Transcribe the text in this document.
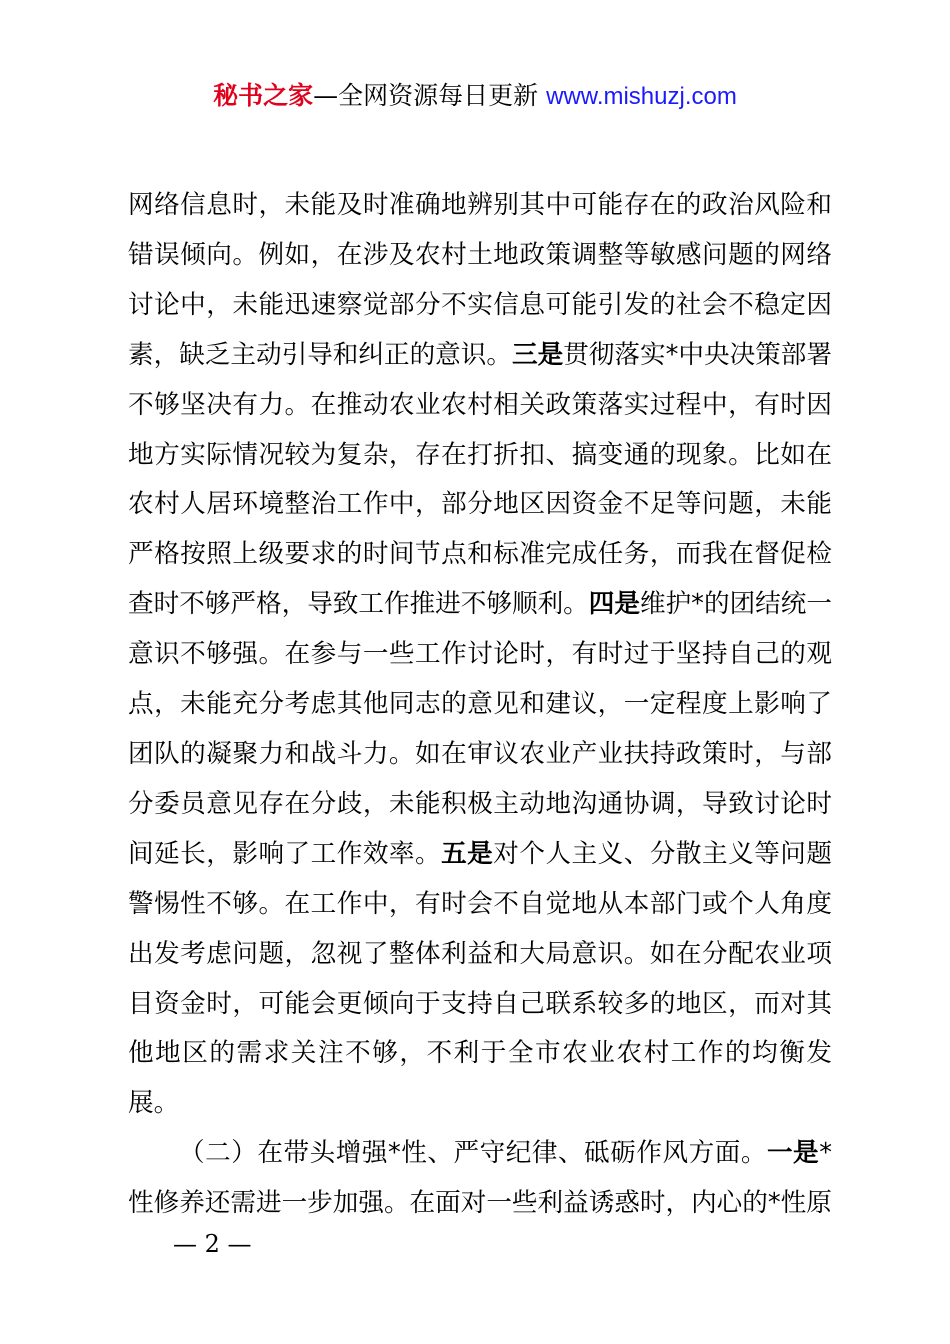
秘书之家—全网资源每日更新 www.mishuzj.com

网络信息时，未能及时准确地辨别其中可能存在的政治风险和错误倾向。例如，在涉及农村土地政策调整等敏感问题的网络讨论中，未能迅速察觉部分不实信息可能引发的社会不稳定因素，缺乏主动引导和纠正的意识。三是贯彻落实*中央决策部署不够坚决有力。在推动农业农村相关政策落实过程中，有时因地方实际情况较为复杂，存在打折扣、搞变通的现象。比如在农村人居环境整治工作中，部分地区因资金不足等问题，未能严格按照上级要求的时间节点和标准完成任务，而我在督促检查时不够严格，导致工作推进不够顺利。四是维护*的团结统一意识不够强。在参与一些工作讨论时，有时过于坚持自己的观点，未能充分考虑其他同志的意见和建议，一定程度上影响了团队的凝聚力和战斗力。如在审议农业产业扶持政策时，与部分委员意见存在分歧，未能积极主动地沟通协调，导致讨论时间延长，影响了工作效率。五是对个人主义、分散主义等问题警惕性不够。在工作中，有时会不自觉地从本部门或个人角度出发考虑问题，忽视了整体利益和大局意识。如在分配农业项目资金时，可能会更倾向于支持自己联系较多的地区，而对其他地区的需求关注不够，不利于全市农业农村工作的均衡发展。

（二）在带头增强*性、严守纪律、砥砺作风方面。一是*性修养还需进一步加强。在面对一些利益诱惑时，内心的*性原

— 2 —
